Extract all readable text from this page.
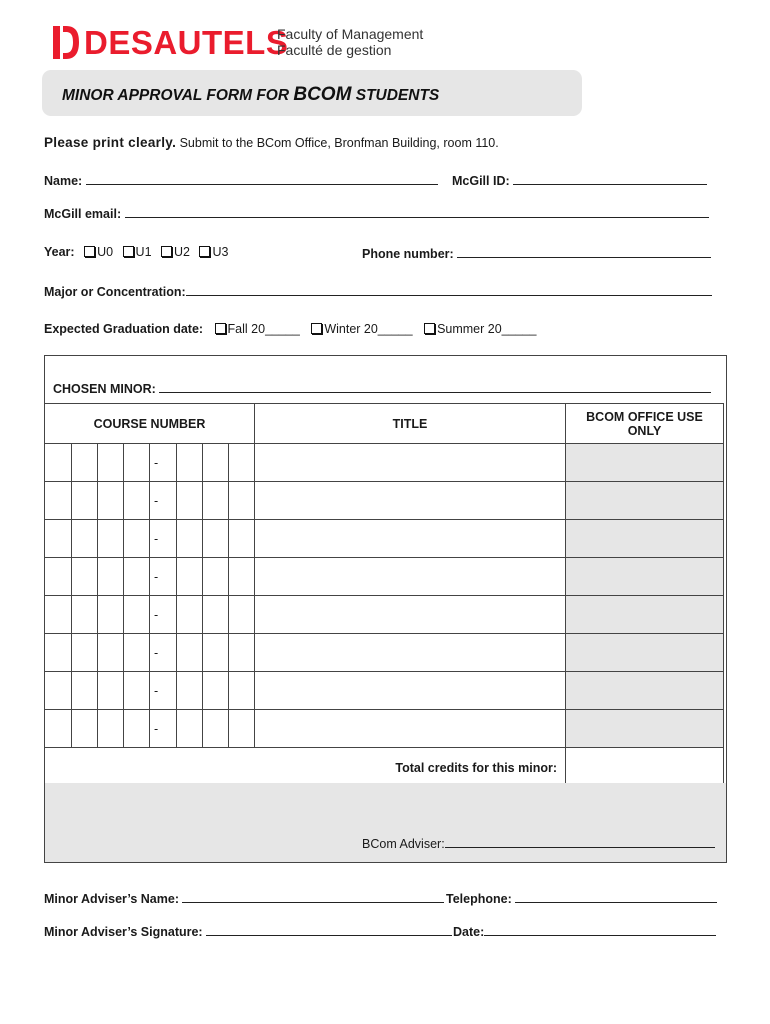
DESAUTELS
Faculty of Management
Faculté de gestion
MINOR APPROVAL FORM FOR BCOM STUDENTS
Please print clearly. Submit to the BCom Office, Bronfman Building, room 110.
Name:	McGill ID:
McGill email:
Year: U0 U1 U2 U3	Phone number:
Major or Concentration:
Expected Graduation date: Fall 20_____ Winter 20_____ Summer 20_____
CHOSEN MINOR:
COURSE NUMBER								TITLE	BCOM OFFICE USE
ONLY
				-					
				-					
				-					
				-					
				-					
				-					
				-					
				-					
Total credits for this minor:									
BCom Adviser:
Minor Adviser’s Name:	Telephone:
Minor Adviser’s Signature:	Date:
